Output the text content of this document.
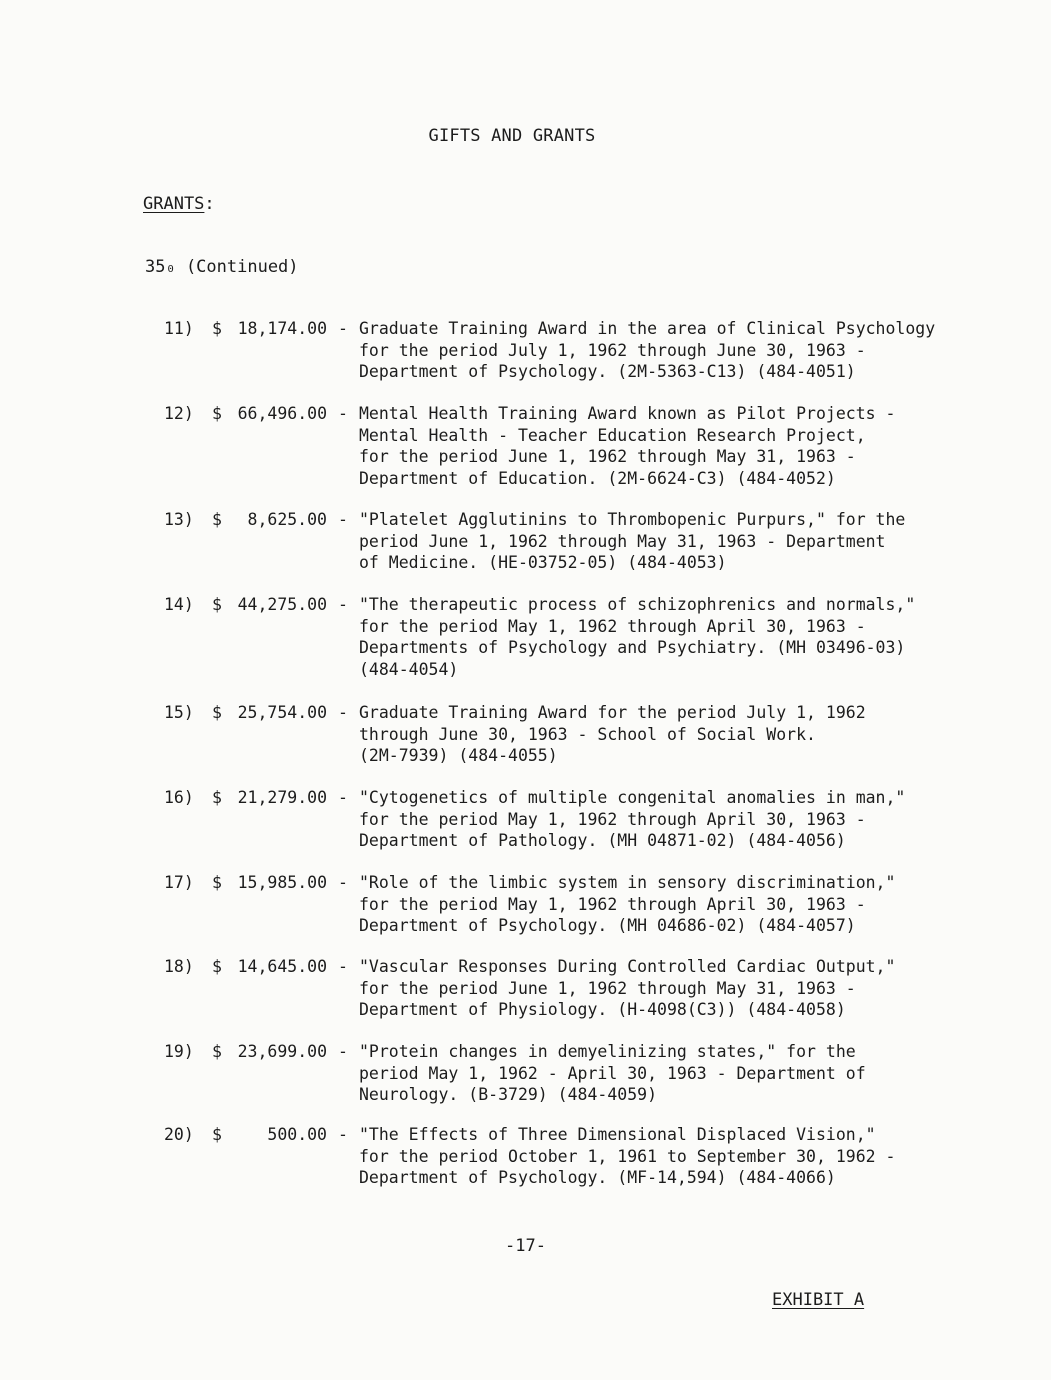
GIFTS AND GRANTS
GRANTS:
35₀ (Continued)
11) $ 18,174.00 - Graduate Training Award in the area of Clinical Psychology
for the period July 1, 1962 through June 30, 1963 -
Department of Psychology. (2M-5363-C13) (484-4051)
12) $ 66,496.00 - Mental Health Training Award known as Pilot Projects -
Mental Health - Teacher Education Research Project,
for the period June 1, 1962 through May 31, 1963 -
Department of Education. (2M-6624-C3) (484-4052)
13) $ 8,625.00 - "Platelet Agglutinins to Thrombopenic Purpurs," for the
period June 1, 1962 through May 31, 1963 - Department
of Medicine. (HE-03752-05) (484-4053)
14) $ 44,275.00 - "The therapeutic process of schizophrenics and normals,"
for the period May 1, 1962 through April 30, 1963 -
Departments of Psychology and Psychiatry. (MH 03496-03)
(484-4054)
15) $ 25,754.00 - Graduate Training Award for the period July 1, 1962
through June 30, 1963 - School of Social Work.
(2M-7939) (484-4055)
16) $ 21,279.00 - "Cytogenetics of multiple congenital anomalies in man,"
for the period May 1, 1962 through April 30, 1963 -
Department of Pathology. (MH 04871-02) (484-4056)
17) $ 15,985.00 - "Role of the limbic system in sensory discrimination,"
for the period May 1, 1962 through April 30, 1963 -
Department of Psychology. (MH 04686-02) (484-4057)
18) $ 14,645.00 - "Vascular Responses During Controlled Cardiac Output,"
for the period June 1, 1962 through May 31, 1963 -
Department of Physiology. (H-4098(C3)) (484-4058)
19) $ 23,699.00 - "Protein changes in demyelinizing states," for the
period May 1, 1962 - April 30, 1963 - Department of
Neurology. (B-3729) (484-4059)
20) $	500.00 - "The Effects of Three Dimensional Displaced Vision,"
for the period October 1, 1961 to September 30, 1962 -
Department of Psychology. (MF-14,594) (484-4066)
-17-
EXHIBIT A
